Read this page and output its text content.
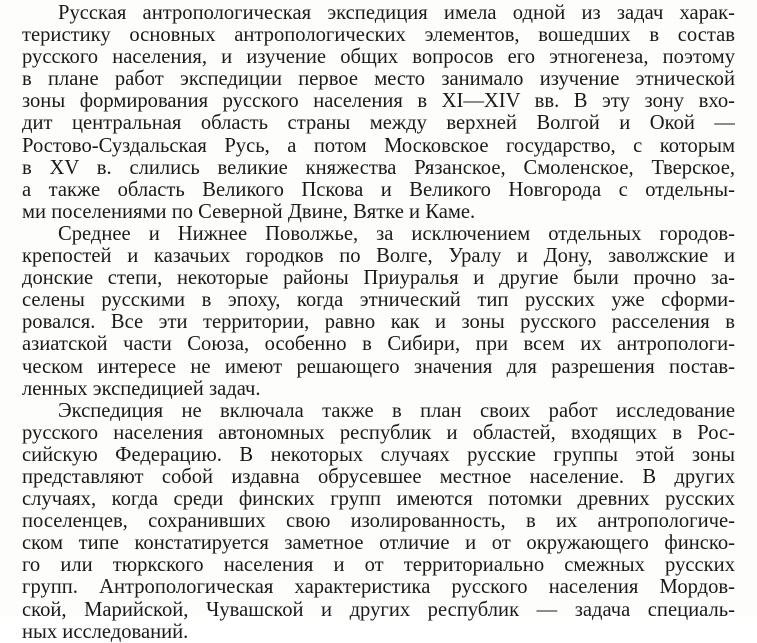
Русская антропологическая экспедиция имела одной из задач харак-
теристику основных антропологических элементов, вошедших в состав
русского населения, и изучение общих вопросов его этногенеза, поэтому
в плане работ экспедиции первое место занимало изучение этнической
зоны формирования русского населения в XI—XIV вв. В эту зону вхо-
дит центральная область страны между верхней Волгой и Окой —
Ростово-Суздальская Русь, а потом Московское государство, с которым
в XV в. слились великие княжества Рязанское, Смоленское, Тверское,
а также область Великого Пскова и Великого Новгорода с отдельны-
ми поселениями по Северной Двине, Вятке и Каме.

Среднее и Нижнее Поволжье, за исключением отдельных городов-
крепостей и казачьих городков по Волге, Уралу и Дону, заволжские и
донские степи, некоторые районы Приуралья и другие были прочно за-
селены русскими в эпоху, когда этнический тип русских уже сформи-
ровался. Все эти территории, равно как и зоны русского расселения в
азиатской части Союза, особенно в Сибири, при всем их антропологи-
ческом интересе не имеют решающего значения для разрешения постав-
ленных экспедицией задач.

Экспедиция не включала также в план своих работ исследование
русского населения автономных республик и областей, входящих в Рос-
сийскую Федерацию. В некоторых случаях русские группы этой зоны
представляют собой издавна обрусевшее местное население. В других
случаях, когда среди финских групп имеются потомки древних русских
поселенцев, сохранивших свою изолированность, в их антропологиче-
ском типе констатируется заметное отличие и от окружающего финско-
го или тюркского населения и от территориально смежных русских
групп. Антропологическая характеристика русского населения Мордов-
ской, Марийской, Чувашской и других республик — задача специаль-
ных исследований.
